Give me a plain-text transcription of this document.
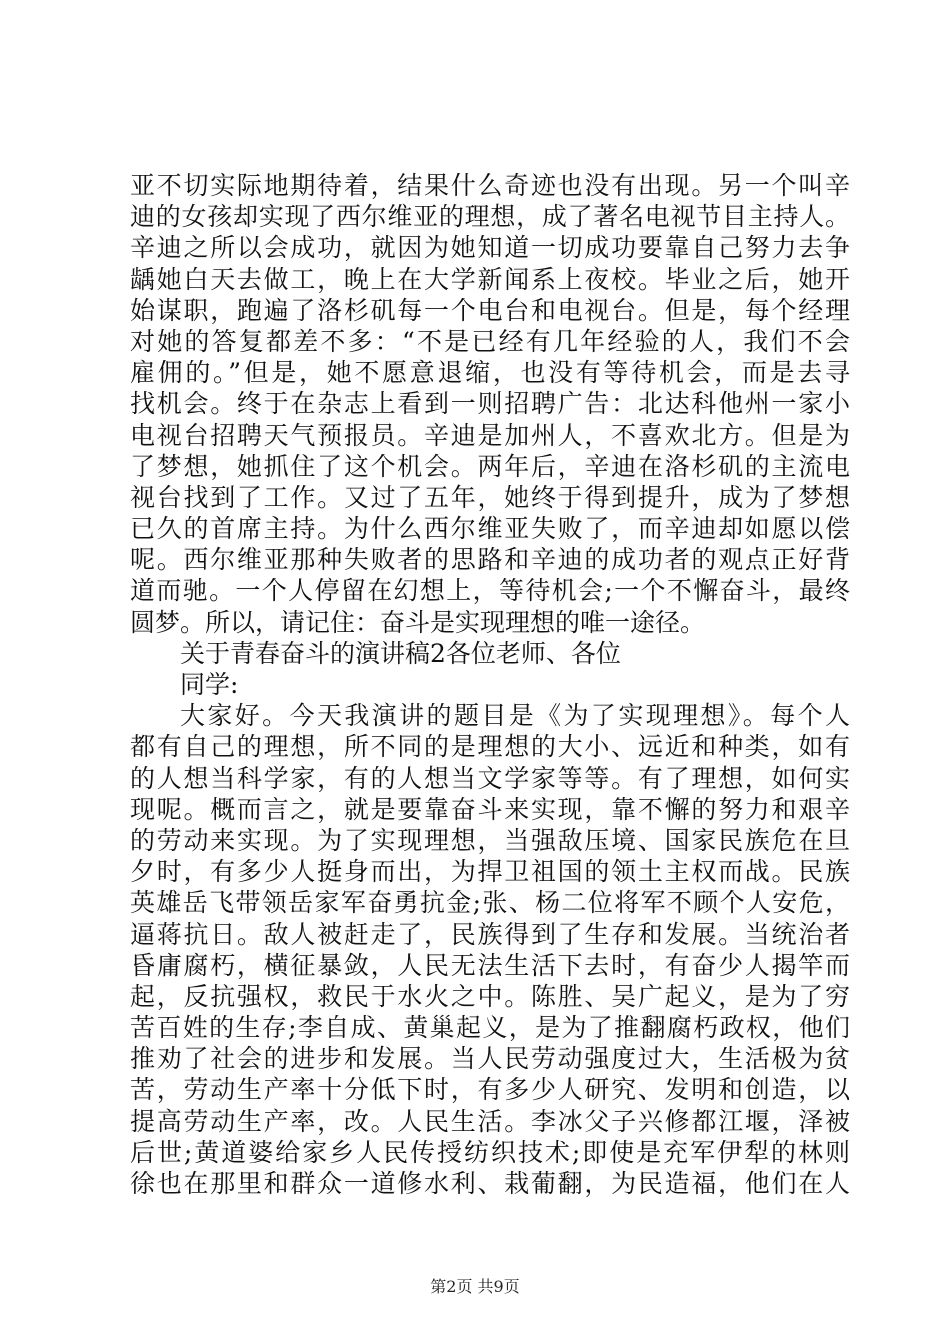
亚不切实际地期待着，结果什么奇迹也没有出现。另一个叫辛
迪的女孩却实现了西尔维亚的理想，成了著名电视节目主持人。
辛迪之所以会成功，就因为她知道一切成功要靠自己努力去争
龋她白天去做工，晚上在大学新闻系上夜校。毕业之后，她开
始谋职，跑遍了洛杉矶每一个电台和电视台。但是，每个经理
对她的答复都差不多：“不是已经有几年经验的人，我们不会
雇佣的。”但是，她不愿意退缩，也没有等待机会，而是去寻
找机会。终于在杂志上看到一则招聘广告：北达科他州一家小
电视台招聘天气预报员。辛迪是加州人，不喜欢北方。但是为
了梦想，她抓住了这个机会。两年后，辛迪在洛杉矶的主流电
视台找到了工作。又过了五年，她终于得到提升，成为了梦想
已久的首席主持。为什么西尔维亚失败了，而辛迪却如愿以偿
呢。西尔维亚那种失败者的思路和辛迪的成功者的观点正好背
道而驰。一个人停留在幻想上，等待机会;一个不懈奋斗，最终
圆梦。所以，请记住：奋斗是实现理想的唯一途径。
关于青春奋斗的演讲稿2各位老师、各位
同学:
大家好。今天我演讲的题目是《为了实现理想》。每个人
都有自己的理想，所不同的是理想的大小、远近和种类，如有
的人想当科学家，有的人想当文学家等等。有了理想，如何实
现呢。概而言之，就是要靠奋斗来实现，靠不懈的努力和艰辛
的劳动来实现。为了实现理想，当强敌压境、国家民族危在旦
夕时，有多少人挺身而出，为捍卫祖国的领土主权而战。民族
英雄岳飞带领岳家军奋勇抗金;张、杨二位将军不顾个人安危，
逼蒋抗日。敌人被赶走了，民族得到了生存和发展。当统治者
昏庸腐朽，横征暴敛，人民无法生活下去时，有奋少人揭竿而
起，反抗强权，救民于水火之中。陈胜、吴广起义，是为了穷
苦百姓的生存;李自成、黄巢起义，是为了推翻腐朽政权，他们
推劝了社会的进步和发展。当人民劳动强度过大，生活极为贫
苦，劳动生产率十分低下时，有多少人研究、发明和创造，以
提高劳动生产率，改。人民生活。李冰父子兴修都江堰，泽被
后世;黄道婆给家乡人民传授纺织技术;即使是充军伊犁的林则
徐也在那里和群众一道修水利、栽葡翻，为民造福，他们在人
第2页 共9页
